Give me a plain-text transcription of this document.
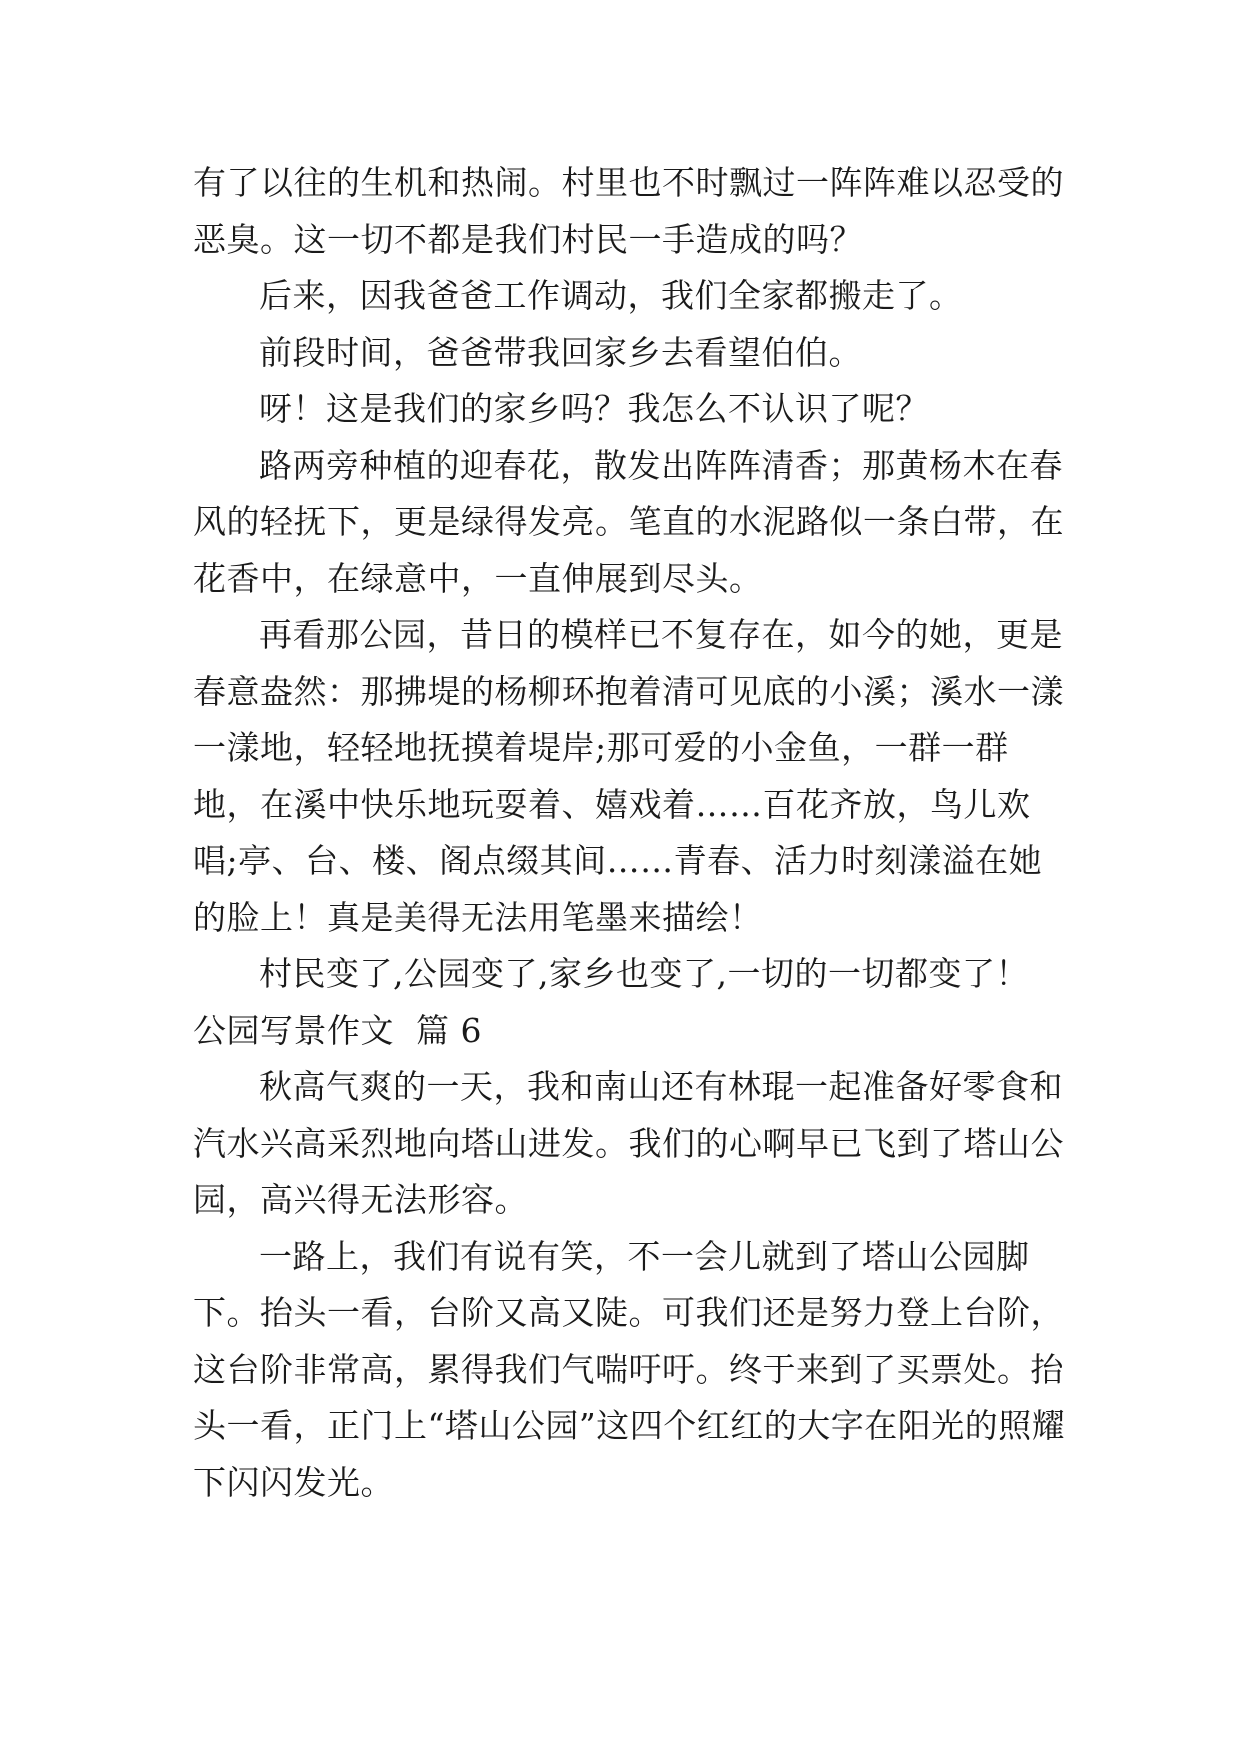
有了以往的生机和热闹。村里也不时飘过一阵阵难以忍受的恶臭。这一切不都是我们村民一手造成的吗？

后来，因我爸爸工作调动，我们全家都搬走了。

前段时间，爸爸带我回家乡去看望伯伯。

呀！这是我们的家乡吗？我怎么不认识了呢？

路两旁种植的迎春花，散发出阵阵清香；那黄杨木在春风的轻抚下，更是绿得发亮。笔直的水泥路似一条白带，在花香中，在绿意中，一直伸展到尽头。

再看那公园，昔日的模样已不复存在，如今的她，更是春意盎然：那拂堤的杨柳环抱着清可见底的小溪；溪水一漾一漾地，轻轻地抚摸着堤岸;那可爱的小金鱼，一群一群地，在溪中快乐地玩耍着、嬉戏着……百花齐放，鸟儿欢唱;亭、台、楼、阁点缀其间……青春、活力时刻漾溢在她的脸上！真是美得无法用笔墨来描绘！

村民变了,公园变了,家乡也变了,一切的一切都变了！

公园写景作文  篇 6

秋高气爽的一天，我和南山还有林琨一起准备好零食和汽水兴高采烈地向塔山进发。我们的心啊早已飞到了塔山公园，高兴得无法形容。

一路上，我们有说有笑，不一会儿就到了塔山公园脚下。抬头一看，台阶又高又陡。可我们还是努力登上台阶，这台阶非常高，累得我们气喘吁吁。终于来到了买票处。抬头一看，正门上“塔山公园”这四个红红的大字在阳光的照耀下闪闪发光。
